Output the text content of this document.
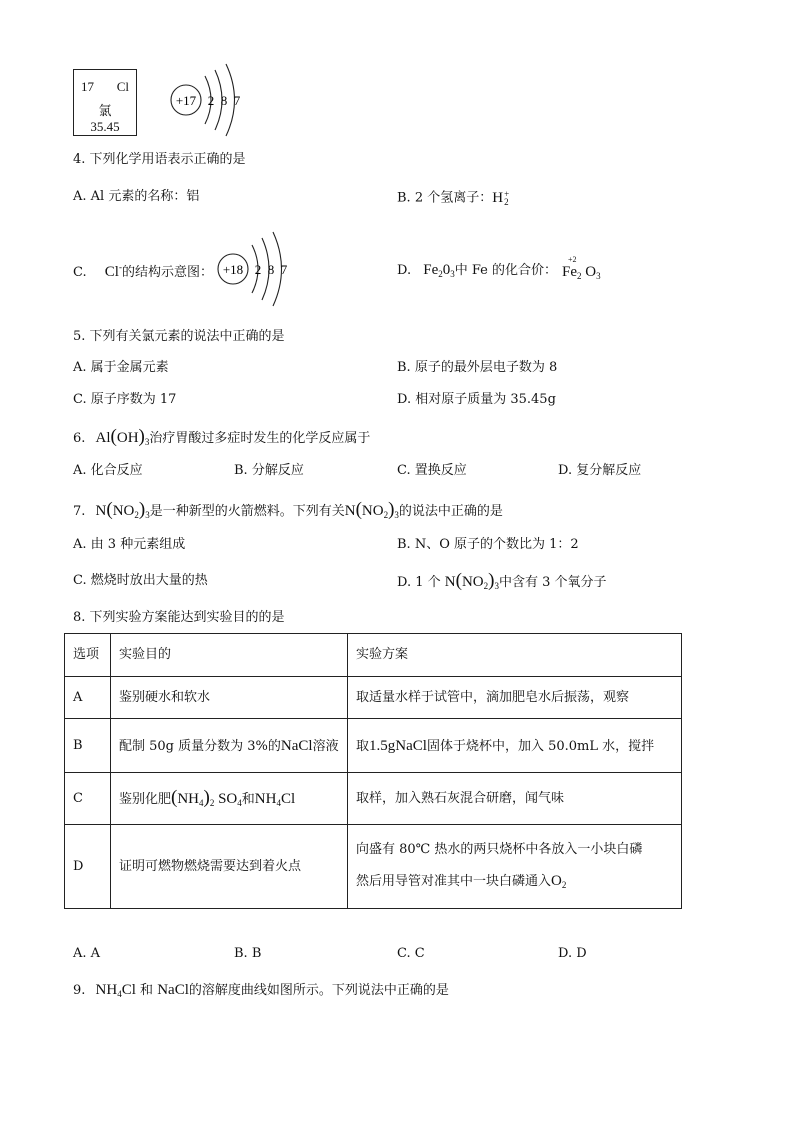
17 Cl
氯
35.45
+17 2 8 7
4. 下列化学用语表示正确的是
A. Al 元素的名称：铝	B. 2 个氢离子：H +
2
C. Cl-的结构示意图： +18 2 8 7	D. $Fe_20_3$中 Fe 的化合价：
+2
$Fe_2$ $O_3$
5. 下列有关氯元素的说法中正确的是
A. 属于金属元素	B. 原子的最外层电子数为 8
C. 原子序数为 17	D. 相对原子质量为 35.45g
6. $Al(OH)_3$治疗胃酸过多症时发生的化学反应属于
A. 化合反应	B. 分解反应	C. 置换反应	D. 复分解反应
7. $N(NO_2)_3$是一种新型的火箭燃料。下列有关$N(NO_2)_3$的说法中正确的是
A. 由 3 种元素组成	B. N、O 原子的个数比为 1：2
C. 燃烧时放出大量的热	D. 1 个 $N(NO_2)_3$中含有 3 个氧分子
8. 下列实验方案能达到实验目的的是
选项	实验目的	实验方案
A	鉴别硬水和软水	取适量水样于试管中，滴加肥皂水后振荡，观察
B	配制 50g 质量分数为 3%的NaCl溶液	取1.5gNaCl固体于烧杯中，加入 50.0mL 水，搅拌
C	鉴别化肥$(NH_4)_2$ $SO_4$和$NH_4Cl$	取样，加入熟石灰混合研磨，闻气味
D	证明可燃物燃烧需要达到着火点	向盛有 80℃ 热水的两只烧杯中各放入一小块白磷
然后用导管对准其中一块白磷通入$O_2$
A. A	B. B	C. C	D. D
9. $NH_4Cl$ 和 NaCl的溶解度曲线如图所示。下列说法中正确的是
